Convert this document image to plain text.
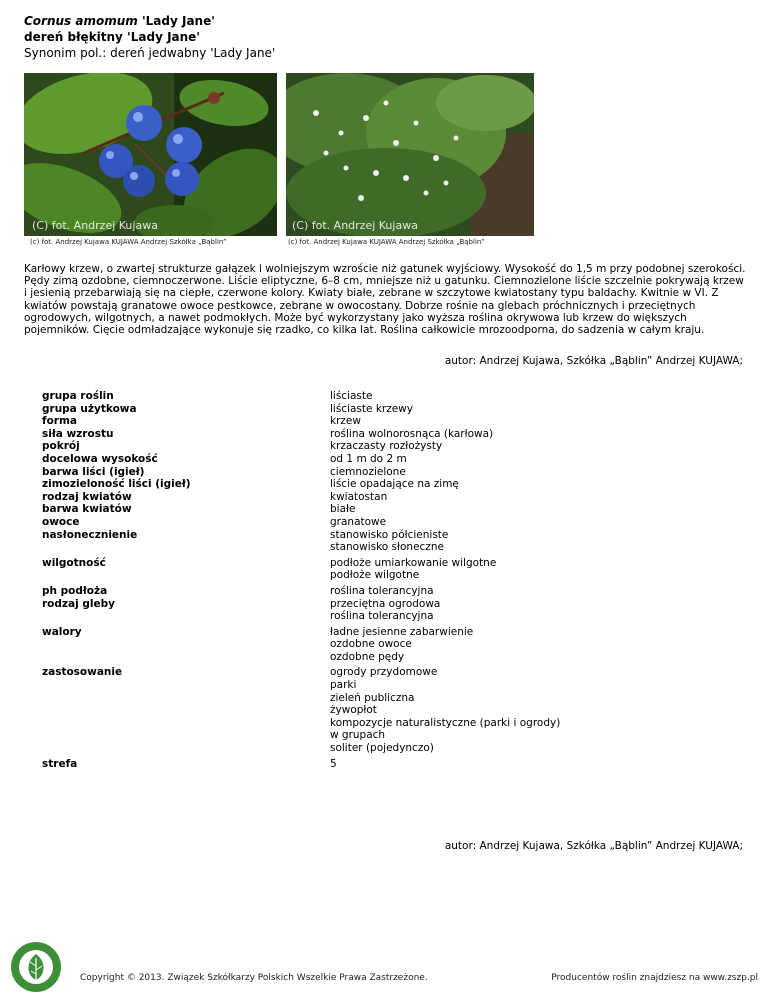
Cornus amomum 'Lady Jane'
dereń błękitny 'Lady Jane'
Synonim pol.: dereń jedwabny 'Lady Jane'
(C) fot. Andrzej Kujawa
(c) fot. Andrzej Kujawa KUJAWA Andrzej Szkółka „Bąblin”
(C) fot. Andrzej Kujawa
(c) fot. Andrzej Kujawa KUJAWA Andrzej Szkółka „Bąblin”
Karłowy krzew, o zwartej strukturze gałązek i wolniejszym wzroście niż gatunek wyjściowy. Wysokość do 1,5 m przy podobnej szerokości. Pędy zimą ozdobne, ciemnoczerwone. Liście eliptyczne, 6–8 cm, mniejsze niż u gatunku. Ciemnozielone liście szczelnie pokrywają krzew i jesienią przebarwiają się na ciepłe, czerwone kolory. Kwiaty białe, zebrane w szczytowe kwiatostany typu baldachy. Kwitnie w VI. Z kwiatów powstają granatowe owoce pestkowce, zebrane w owocostany. Dobrze rośnie na glebach próchnicznych i przeciętnych ogrodowych, wilgotnych, a nawet podmokłych. Może być wykorzystany jako wyższa roślina okrywowa lub krzew do większych pojemników. Cięcie odmładzające wykonuje się rzadko, co kilka lat. Roślina całkowicie mrozoodporna, do sadzenia w całym kraju.
autor: Andrzej Kujawa, Szkółka „Bąblin” Andrzej KUJAWA;
grupa roślin	liściaste
grupa użytkowa	liściaste krzewy
forma	krzew
siła wzrostu	roślina wolnorosnąca (karłowa)
pokrój	krzaczasty rozłożysty
docelowa wysokość	od 1 m do 2 m
barwa liści (igieł)	ciemnozielone
zimozieloność liści (igieł)	liście opadające na zimę
rodzaj kwiatów	kwiatostan
barwa kwiatów	białe
owoce	granatowe
nasłonecznienie	stanowisko półcieniste
stanowisko słoneczne
wilgotność	podłoże umiarkowanie wilgotne
podłoże wilgotne
ph podłoża	roślina tolerancyjna
rodzaj gleby	przeciętna ogrodowa
roślina tolerancyjna
walory	ładne jesienne zabarwienie
ozdobne owoce
ozdobne pędy
zastosowanie	ogrody przydomowe
parki
zieleń publiczna
żywopłot
kompozycje naturalistyczne (parki i ogrody)
w grupach
soliter (pojedynczo)
strefa	5
autor: Andrzej Kujawa, Szkółka „Bąblin” Andrzej KUJAWA;
Copyright © 2013. Związek Szkółkarzy Polskich Wszelkie Prawa Zastrzeżone.	Producentów roślin znajdziesz na www.zszp.pl
